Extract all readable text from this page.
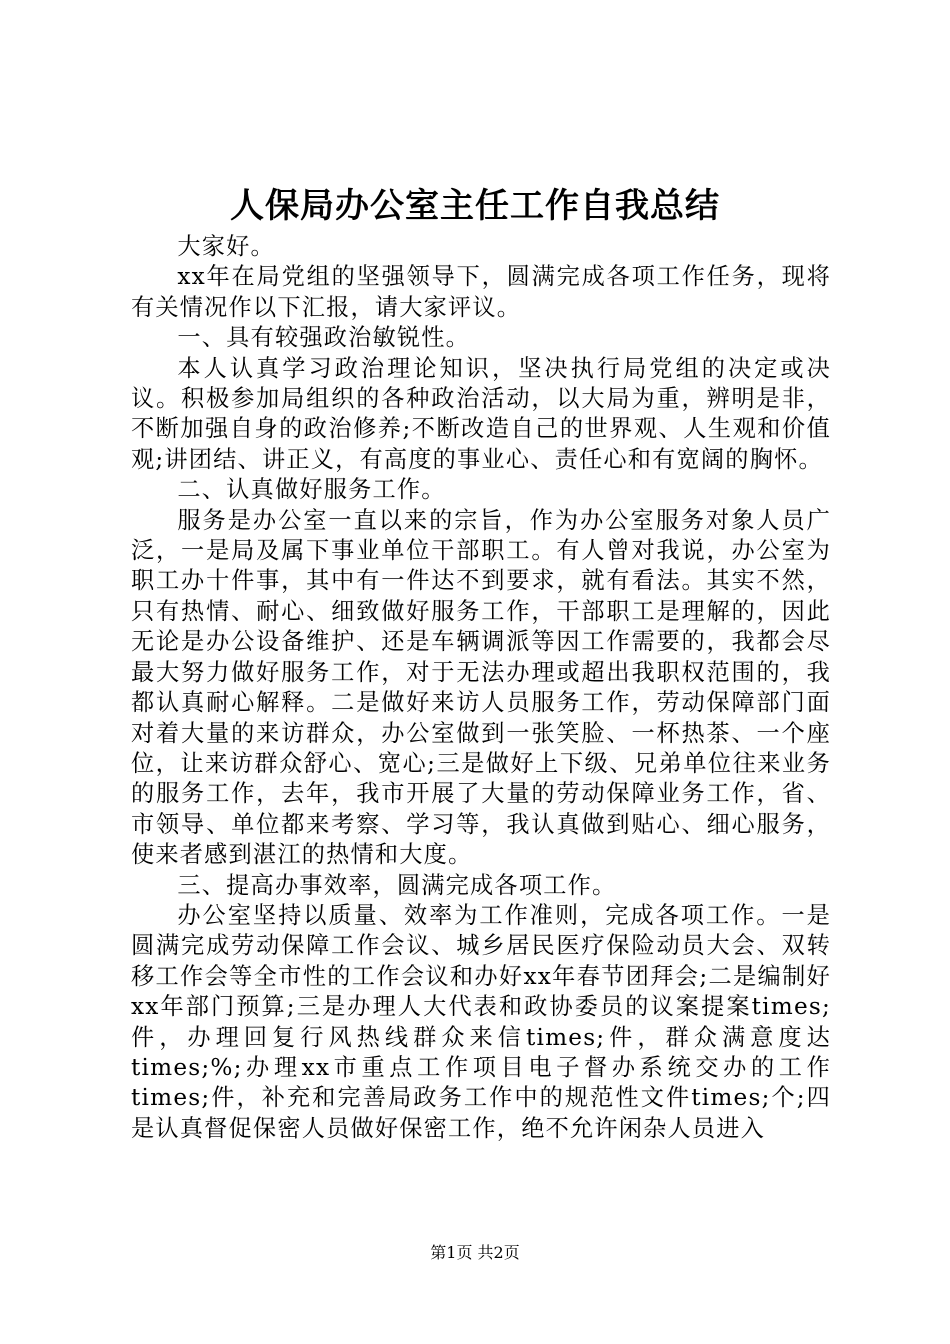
人保局办公室主任工作自我总结

大家好。

xx年在局党组的坚强领导下，圆满完成各项工作任务，现将有关情况作以下汇报，请大家评议。

一、具有较强政治敏锐性。

本人认真学习政治理论知识，坚决执行局党组的决定或决议。积极参加局组织的各种政治活动，以大局为重，辨明是非，不断加强自身的政治修养;不断改造自己的世界观、人生观和价值观;讲团结、讲正义，有高度的事业心、责任心和有宽阔的胸怀。

二、认真做好服务工作。

服务是办公室一直以来的宗旨，作为办公室服务对象人员广泛，一是局及属下事业单位干部职工。有人曾对我说，办公室为职工办十件事，其中有一件达不到要求，就有看法。其实不然，只有热情、耐心、细致做好服务工作，干部职工是理解的，因此无论是办公设备维护、还是车辆调派等因工作需要的，我都会尽最大努力做好服务工作，对于无法办理或超出我职权范围的，我都认真耐心解释。二是做好来访人员服务工作，劳动保障部门面对着大量的来访群众，办公室做到一张笑脸、一杯热茶、一个座位，让来访群众舒心、宽心;三是做好上下级、兄弟单位往来业务的服务工作，去年，我市开展了大量的劳动保障业务工作，省、市领导、单位都来考察、学习等，我认真做到贴心、细心服务，使来者感到湛江的热情和大度。

三、提高办事效率，圆满完成各项工作。

办公室坚持以质量、效率为工作准则，完成各项工作。一是圆满完成劳动保障工作会议、城乡居民医疗保险动员大会、双转移工作会等全市性的工作会议和办好xx年春节团拜会;二是编制好xx年部门预算;三是办理人大代表和政协委员的议案提案times;件，办理回复行风热线群众来信times;件，群众满意度达times;%;办理xx市重点工作项目电子督办系统交办的工作times;件，补充和完善局政务工作中的规范性文件times;个;四是认真督促保密人员做好保密工作，绝不允许闲杂人员进入

第1页 共2页
